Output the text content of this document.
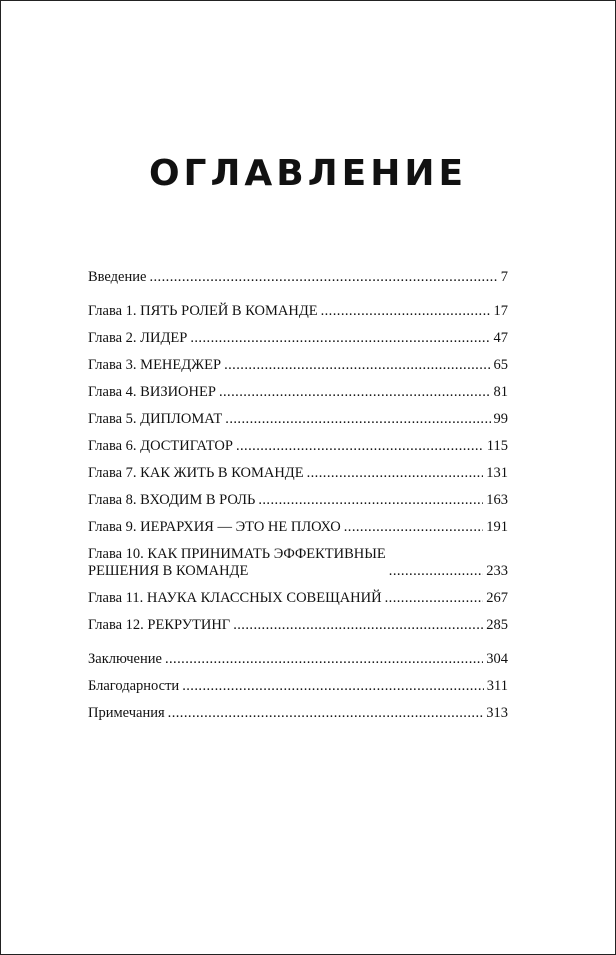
ОГЛАВЛЕНИЕ
Введение . . .	7
Глава 1. ПЯТЬ РОЛЕЙ В КОМАНДЕ . . .	17
Глава 2. ЛИДЕР . . .	47
Глава 3. МЕНЕДЖЕР . . .	65
Глава 4. ВИЗИОНЕР . . .	81
Глава 5. ДИПЛОМАТ . . .	99
Глава 6. ДОСТИГАТОР . . .	115
Глава 7. КАК ЖИТЬ В КОМАНДЕ . . .	131
Глава 8. ВХОДИМ В РОЛЬ . . .	163
Глава 9. ИЕРАРХИЯ — ЭТО НЕ ПЛОХО . . .	191
Глава 10. КАК ПРИНИМАТЬ ЭФФЕКТИВНЫЕ
РЕШЕНИЯ В КОМАНДЕ . . .	233
Глава 11. НАУКА КЛАССНЫХ СОВЕЩАНИЙ . . .	267
Глава 12. РЕКРУТИНГ . . .	285
Заключение . . .	304
Благодарности . . .	311
Примечания . . .	313
